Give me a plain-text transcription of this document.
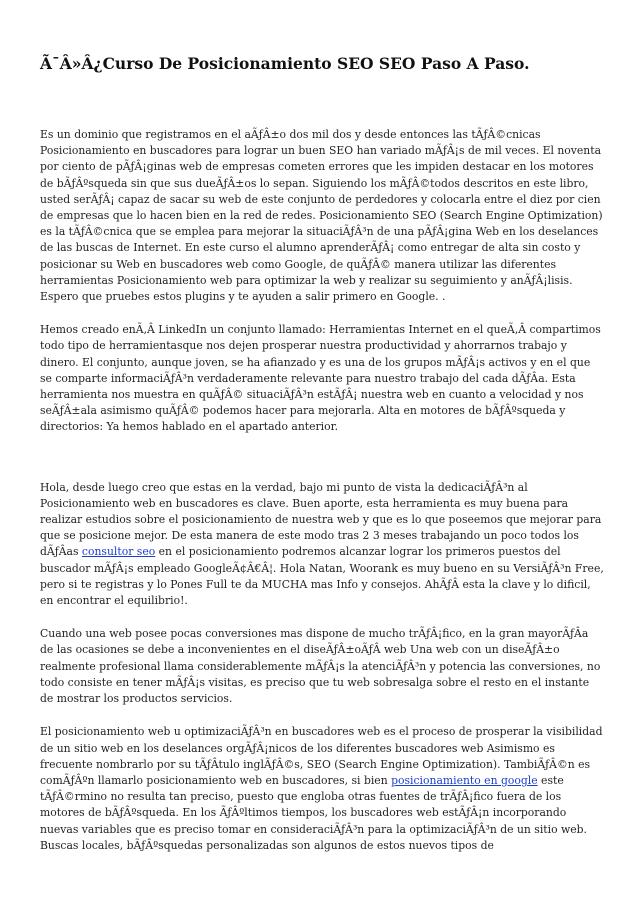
Ã¯Â»Â¿Curso De Posicionamiento SEO SEO Paso A Paso.

Es un dominio que registramos en el aÃƒÂ±o dos mil dos y desde entonces las tÃƒÂ©cnicas Posicionamiento en buscadores para lograr un buen SEO han variado mÃƒÂ¡s de mil veces. El noventa por ciento de pÃƒÂ¡ginas web de empresas cometen errores que les impiden destacar en los motores de bÃƒÂºsqueda sin que sus dueÃƒÂ±os lo sepan. Siguiendo los mÃƒÂ©todos descritos en este libro, usted serÃƒÂ¡ capaz de sacar su web de este conjunto de perdedores y colocarla entre el diez por cien de empresas que lo hacen bien en la red de redes. Posicionamiento SEO (Search Engine Optimization) es la tÃƒÂ©cnica que se emplea para mejorar la situaciÃƒÂ³n de una pÃƒÂ¡gina Web en los deselances de las buscas de Internet. En este curso el alumno aprenderÃƒÂ¡ como entregar de alta sin costo y posicionar su Web en buscadores web como Google, de quÃƒÂ© manera utilizar las diferentes herramientas Posicionamiento web para optimizar la web y realizar su seguimiento y anÃƒÂ¡lisis. Espero que pruebes estos plugins y te ayuden a salir primero en Google. .

Hemos creado enÃ‚Â LinkedIn un conjunto llamado: Herramientas Internet en el queÃ‚Â compartimos todo tipo de herramientasque nos dejen prosperar nuestra productividad y ahorrarnos trabajo y dinero. El conjunto, aunque joven, se ha afianzado y es una de los grupos mÃƒÂ¡s activos y en el que se comparte informaciÃƒÂ³n verdaderamente relevante para nuestro trabajo del cada dÃƒÂa. Esta herramienta nos muestra en quÃƒÂ© situaciÃƒÂ³n estÃƒÂ¡ nuestra web en cuanto a velocidad y nos seÃƒÂ±ala asimismo quÃƒÂ© podemos hacer para mejorarla. Alta en motores de bÃƒÂºsqueda y directorios: Ya hemos hablado en el apartado anterior.

Hola, desde luego creo que estas en la verdad, bajo mi punto de vista la dedicaciÃƒÂ³n al Posicionamiento web en buscadores es clave. Buen aporte, esta herramienta es muy buena para realizar estudios sobre el posicionamiento de nuestra web y que es lo que poseemos que mejorar para que se posicione mejor. De esta manera de este modo tras 2 3 meses trabajando un poco todos los dÃƒÂas consultor seo en el posicionamiento podremos alcanzar lograr los primeros puestos del buscador mÃƒÂ¡s empleado GoogleÃ¢Â€Â¦. Hola Natan, Woorank es muy bueno en su VersiÃƒÂ³n Free, pero si te registras y lo Pones Full te da MUCHA mas Info y consejos. AhÃƒÂ esta la clave y lo dificil, en encontrar el equilibrio!.

Cuando una web posee pocas conversiones mas dispone de mucho trÃƒÂ¡fico, en la gran mayorÃƒÂa de las ocasiones se debe a inconvenientes en el diseÃƒÂ±oÃƒÂ web Una web con un diseÃƒÂ±o realmente profesional llama considerablemente mÃƒÂ¡s la atenciÃƒÂ³n y potencia las conversiones, no todo consiste en tener mÃƒÂ¡s visitas, es preciso que tu web sobresalga sobre el resto en el instante de mostrar los productos servicios.

El posicionamiento web u optimizaciÃƒÂ³n en buscadores web es el proceso de prosperar la visibilidad de un sitio web en los deselances orgÃƒÂ¡nicos de los diferentes buscadores web Asimismo es frecuente nombrarlo por su tÃƒÂtulo inglÃƒÂ©s, SEO (Search Engine Optimization). TambiÃƒÂ©n es comÃƒÂºn llamarlo posicionamiento web en buscadores, si bien posicionamiento en google este tÃƒÂ©rmino no resulta tan preciso, puesto que engloba otras fuentes de trÃƒÂ¡fico fuera de los motores de bÃƒÂºsqueda. En los ÃƒÂºltimos tiempos, los buscadores web estÃƒÂ¡n incorporando nuevas variables que es preciso tomar en consideraciÃƒÂ³n para la optimizaciÃƒÂ³n de un sitio web. Buscas locales, bÃƒÂºsquedas personalizadas son algunos de estos nuevos tipos de
